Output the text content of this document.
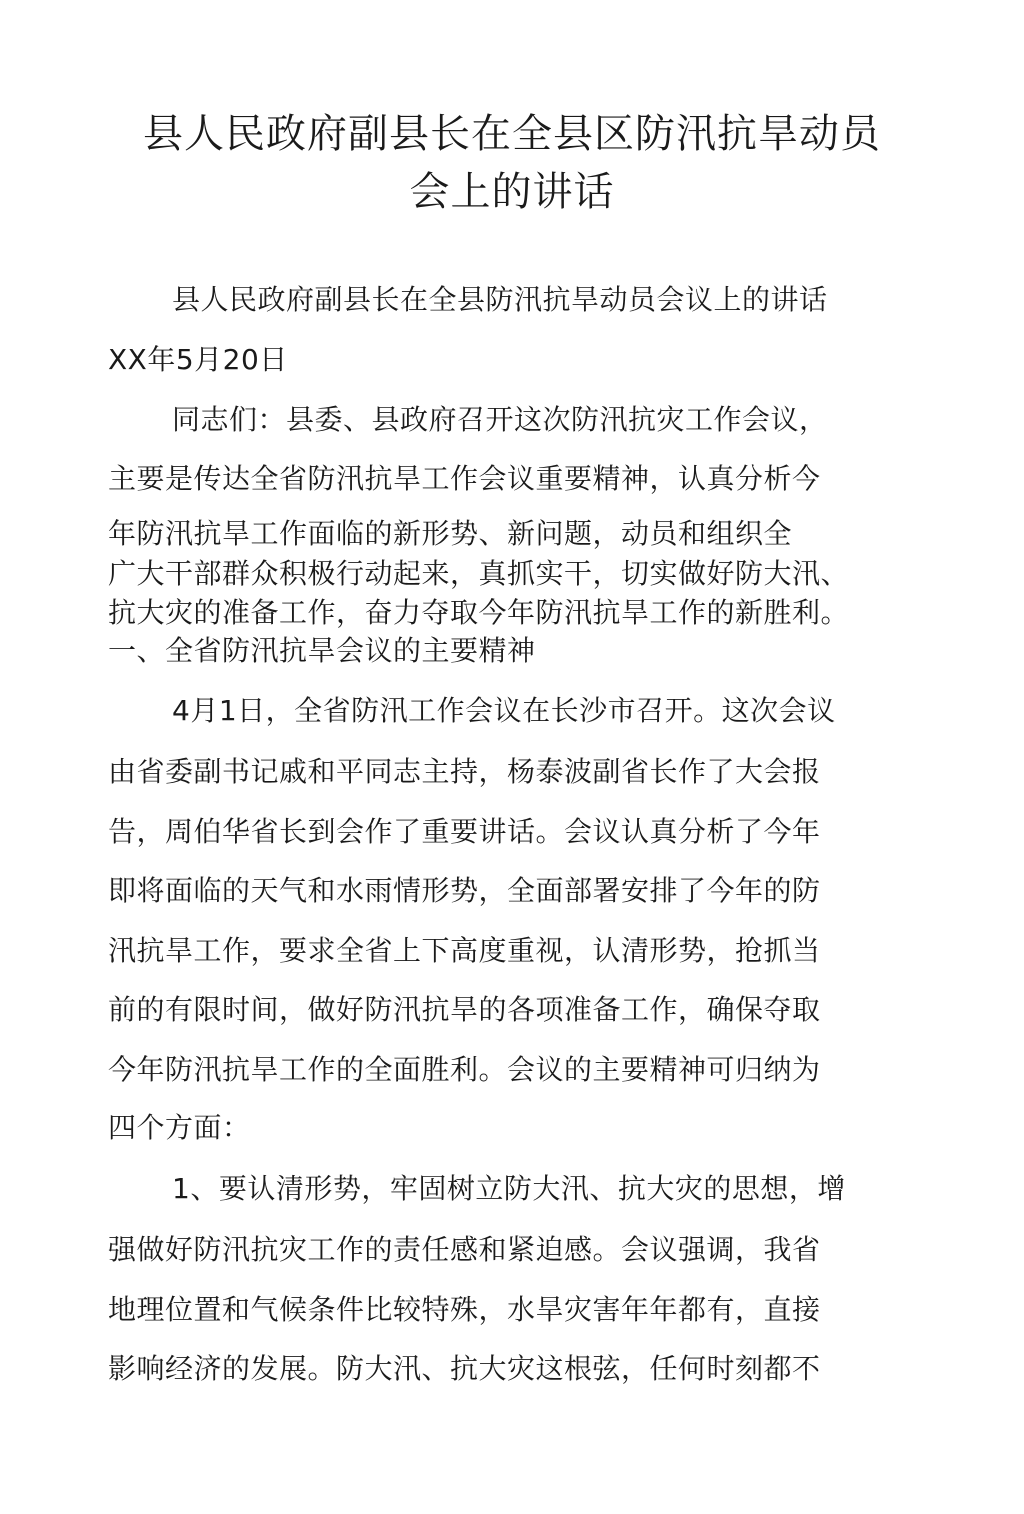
县人民政府副县长在全县区防汛抗旱动员
会上的讲话

县人民政府副县长在全县防汛抗旱动员会议上的讲话

XX年5月20日

同志们：县委、县政府召开这次防汛抗灾工作会议，

主要是传达全省防汛抗旱工作会议重要精神，认真分析今

年防汛抗旱工作面临的新形势、新问题，动员和组织全

广大干部群众积极行动起来，真抓实干，切实做好防大汛、

抗大灾的准备工作，奋力夺取今年防汛抗旱工作的新胜利。

一、全省防汛抗旱会议的主要精神

4月1日，全省防汛工作会议在长沙市召开。这次会议

由省委副书记戚和平同志主持，杨泰波副省长作了大会报

告，周伯华省长到会作了重要讲话。会议认真分析了今年

即将面临的天气和水雨情形势，全面部署安排了今年的防

汛抗旱工作，要求全省上下高度重视，认清形势，抢抓当

前的有限时间，做好防汛抗旱的各项准备工作，确保夺取

今年防汛抗旱工作的全面胜利。会议的主要精神可归纳为

四个方面：

1、要认清形势，牢固树立防大汛、抗大灾的思想，增

强做好防汛抗灾工作的责任感和紧迫感。会议强调，我省

地理位置和气候条件比较特殊，水旱灾害年年都有，直接

影响经济的发展。防大汛、抗大灾这根弦，任何时刻都不
